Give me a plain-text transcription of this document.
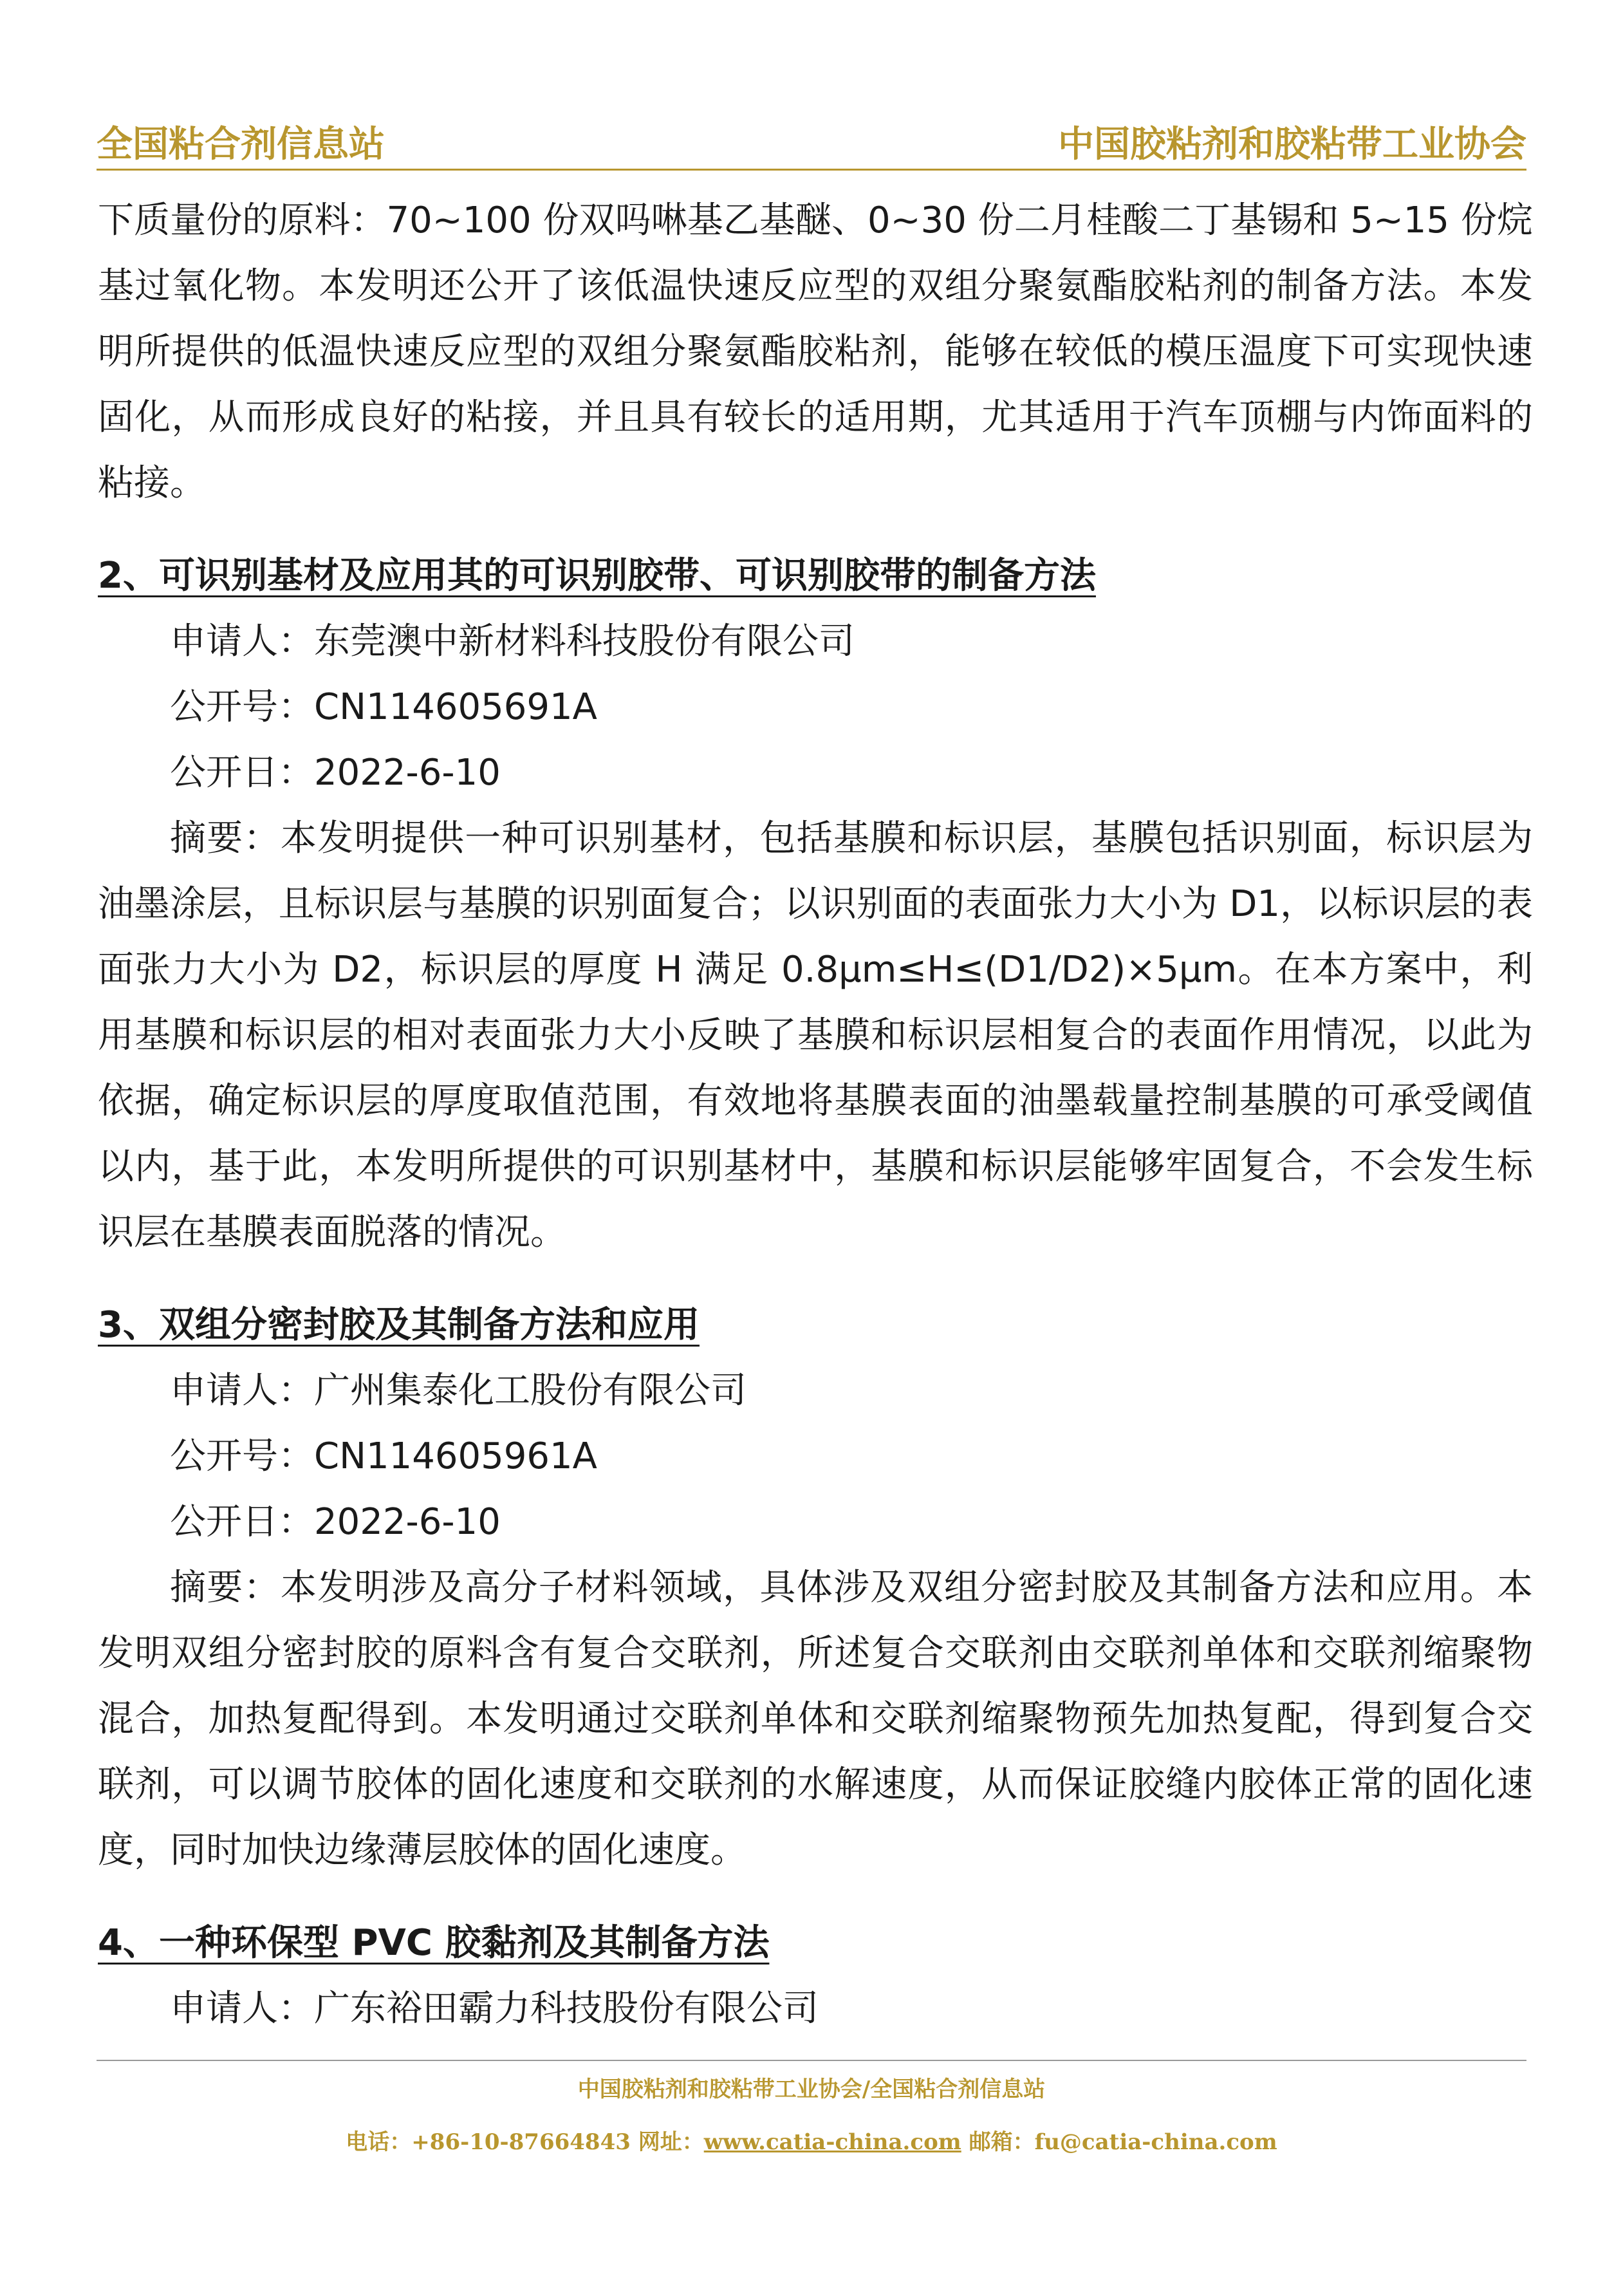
全国粘合剂信息站	中国胶粘剂和胶粘带工业协会

下质量份的原料：70~100 份双吗啉基乙基醚、0~30 份二月桂酸二丁基锡和 5~15 份烷基过氧化物。本发明还公开了该低温快速反应型的双组分聚氨酯胶粘剂的制备方法。本发明所提供的低温快速反应型的双组分聚氨酯胶粘剂，能够在较低的模压温度下可实现快速固化，从而形成良好的粘接，并且具有较长的适用期，尤其适用于汽车顶棚与内饰面料的粘接。

2、可识别基材及应用其的可识别胶带、可识别胶带的制备方法

申请人：东莞澳中新材料科技股份有限公司

公开号：CN114605691A

公开日：2022-6-10

摘要：本发明提供一种可识别基材，包括基膜和标识层，基膜包括识别面，标识层为油墨涂层，且标识层与基膜的识别面复合；以识别面的表面张力大小为 D1，以标识层的表面张力大小为 D2，标识层的厚度 H 满足 0.8μm≤H≤(D1/D2)×5μm。在本方案中，利用基膜和标识层的相对表面张力大小反映了基膜和标识层相复合的表面作用情况，以此为依据，确定标识层的厚度取值范围，有效地将基膜表面的油墨载量控制基膜的可承受阈值以内，基于此，本发明所提供的可识别基材中，基膜和标识层能够牢固复合，不会发生标识层在基膜表面脱落的情况。

3、双组分密封胶及其制备方法和应用

申请人：广州集泰化工股份有限公司

公开号：CN114605961A

公开日：2022-6-10

摘要：本发明涉及高分子材料领域，具体涉及双组分密封胶及其制备方法和应用。本发明双组分密封胶的原料含有复合交联剂，所述复合交联剂由交联剂单体和交联剂缩聚物混合，加热复配得到。本发明通过交联剂单体和交联剂缩聚物预先加热复配，得到复合交联剂，可以调节胶体的固化速度和交联剂的水解速度，从而保证胶缝内胶体正常的固化速度，同时加快边缘薄层胶体的固化速度。

4、一种环保型 PVC 胶黏剂及其制备方法

申请人：广东裕田霸力科技股份有限公司

中国胶粘剂和胶粘带工业协会/全国粘合剂信息站
电话：+86-10-87664843 网址：www.catia-china.com 邮箱：fu@catia-china.com
